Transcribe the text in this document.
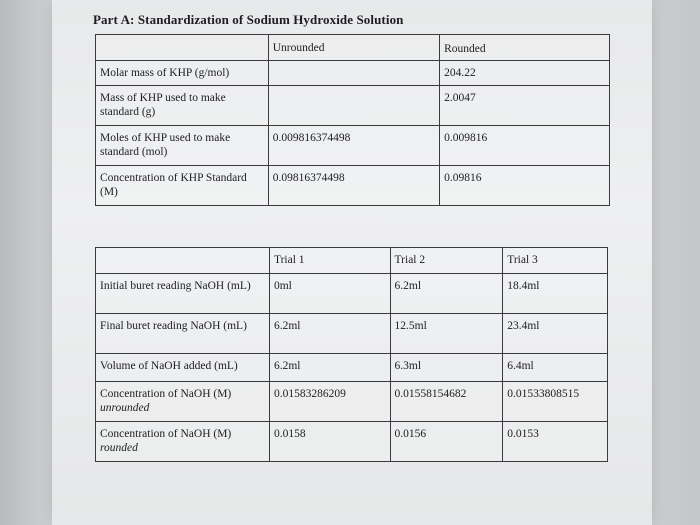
Part A: Standardization of Sodium Hydroxide Solution
	Unrounded	Rounded
Molar mass of KHP (g/mol)		204.22
Mass of KHP used to make standard (g)		2.0047
Moles of KHP used to make standard (mol)	0.009816374498	0.009816
Concentration of KHP Standard (M)	0.09816374498	0.09816
	Trial 1	Trial 2	Trial 3
Initial buret reading NaOH (mL)	0ml	6.2ml	18.4ml
Final buret reading NaOH (mL)	6.2ml	12.5ml	23.4ml
Volume of NaOH added (mL)	6.2ml	6.3ml	6.4ml
Concentration of NaOH (M)
unrounded	0.01583286209	0.01558154682	0.01533808515
Concentration of NaOH (M)
rounded	0.0158	0.0156	0.0153
